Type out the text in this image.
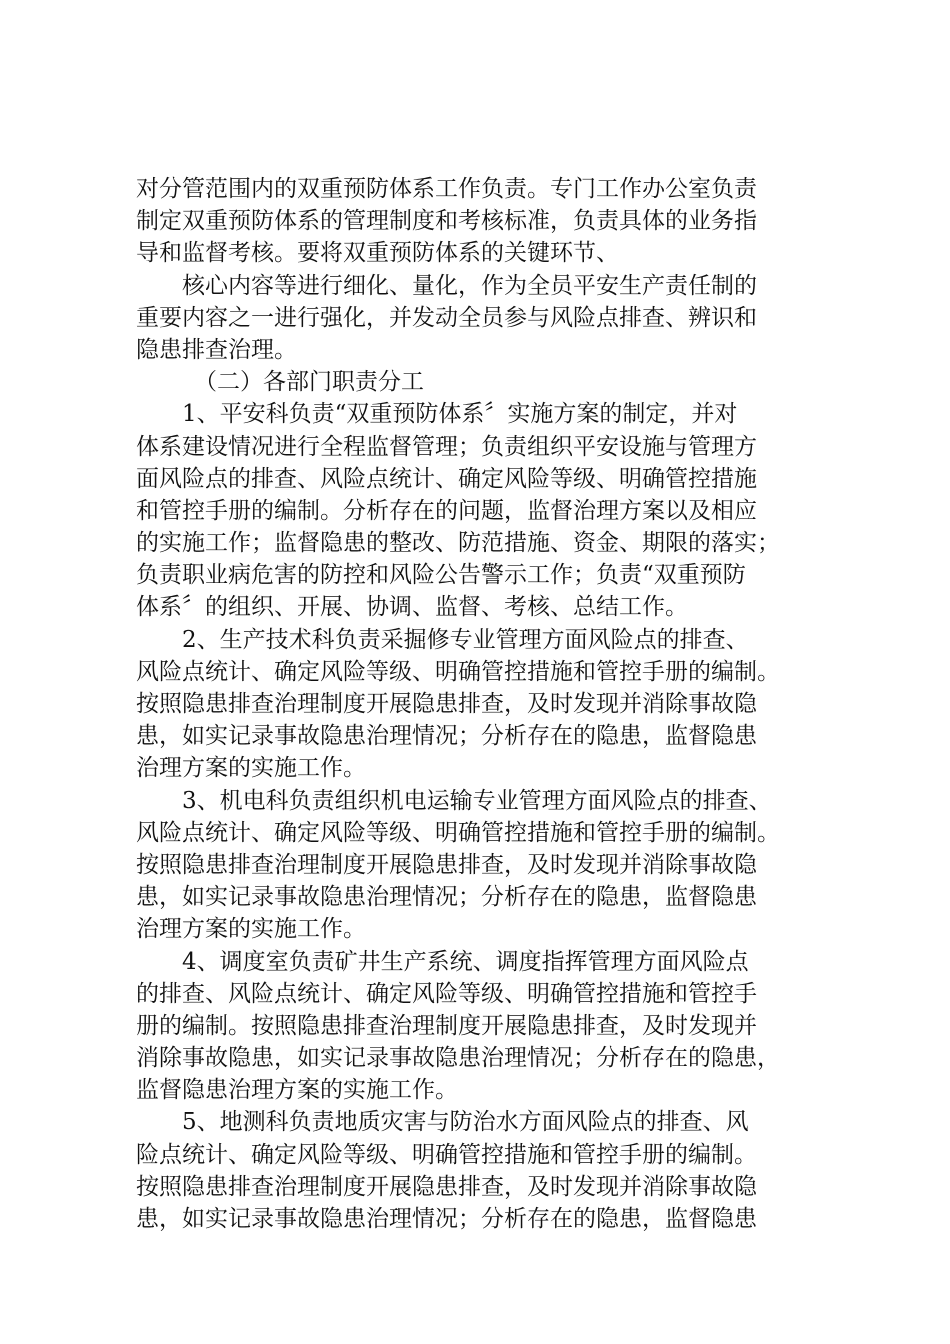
对分管范围内的双重预防体系工作负责。专门工作办公室负责
制定双重预防体系的管理制度和考核标准，负责具体的业务指
导和监督考核。要将双重预防体系的关键环节、
核心内容等进行细化、量化，作为全员平安生产责任制的
重要内容之一进行强化，并发动全员参与风险点排查、辨识和
隐患排查治理。
（二）各部门职责分工
1、平安科负责“双重预防体系〞实施方案的制定，并对
体系建设情况进行全程监督管理；负责组织平安设施与管理方
面风险点的排查、风险点统计、确定风险等级、明确管控措施
和管控手册的编制。分析存在的问题，监督治理方案以及相应
的实施工作；监督隐患的整改、防范措施、资金、期限的落实；
负责职业病危害的防控和风险公告警示工作；负责“双重预防
体系〞的组织、开展、协调、监督、考核、总结工作。
2、生产技术科负责采掘修专业管理方面风险点的排查、
风险点统计、确定风险等级、明确管控措施和管控手册的编制。
按照隐患排查治理制度开展隐患排查，及时发现并消除事故隐
患，如实记录事故隐患治理情况；分析存在的隐患，监督隐患
治理方案的实施工作。
3、机电科负责组织机电运输专业管理方面风险点的排查、
风险点统计、确定风险等级、明确管控措施和管控手册的编制。
按照隐患排查治理制度开展隐患排查，及时发现并消除事故隐
患，如实记录事故隐患治理情况；分析存在的隐患，监督隐患
治理方案的实施工作。
4、调度室负责矿井生产系统、调度指挥管理方面风险点
的排查、风险点统计、确定风险等级、明确管控措施和管控手
册的编制。按照隐患排查治理制度开展隐患排查，及时发现并
消除事故隐患，如实记录事故隐患治理情况；分析存在的隐患，
监督隐患治理方案的实施工作。
5、地测科负责地质灾害与防治水方面风险点的排查、风
险点统计、确定风险等级、明确管控措施和管控手册的编制。
按照隐患排查治理制度开展隐患排查，及时发现并消除事故隐
患，如实记录事故隐患治理情况；分析存在的隐患，监督隐患
